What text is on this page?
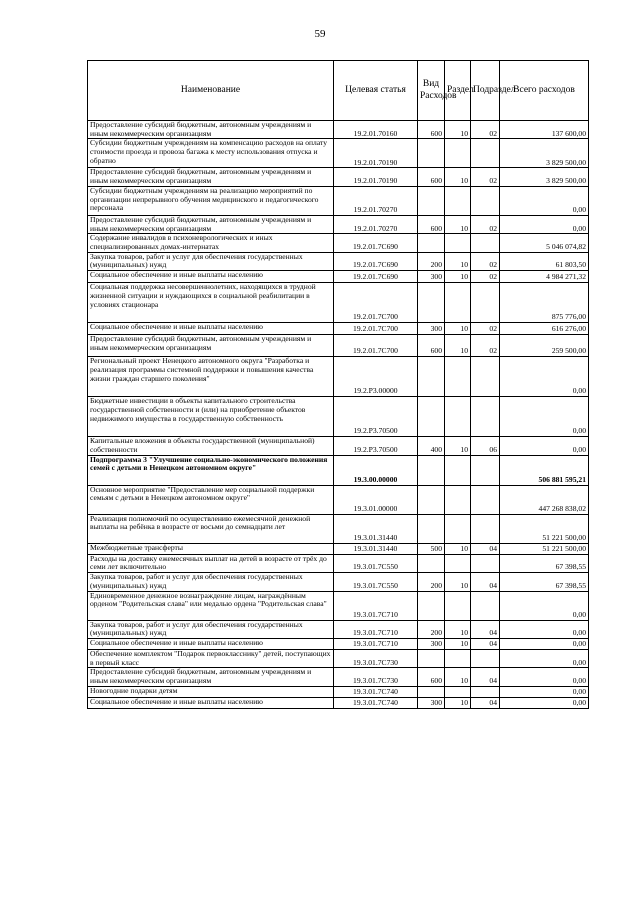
59
Наименование	Целевая статья	Вид Расходов	Раздел	Подраздел	Всего расходов
Предоставление субсидий бюджетным, автономным учреждениям и иным некоммерческим организациям	19.2.01.70160	600	10	02	137 600,00
Субсидии бюджетным учреждениям на компенсацию расходов на оплату стоимости проезда и провоза багажа к месту использования отпуска и обратно	19.2.01.70190				3 829 500,00
Предоставление субсидий бюджетным, автономным учреждениям и иным некоммерческим организациям	19.2.01.70190	600	10	02	3 829 500,00
Субсидии бюджетным учреждениям на реализацию мероприятий по организации непрерывного обучения медицинского и педагогического персонала	19.2.01.70270				0,00
Предоставление субсидий бюджетным, автономным учреждениям и иным некоммерческим организациям	19.2.01.70270	600	10	02	0,00
Содержание инвалидов в психоневрологических и иных специализированных домах-интернатах	19.2.01.7C690				5 046 074,82
Закупка товаров, работ и услуг для обеспечения государственных (муниципальных) нужд	19.2.01.7C690	200	10	02	61 803,50
Социальное обеспечение и иные выплаты населению	19.2.01.7C690	300	10	02	4 984 271,32
Социальная поддержка несовершеннолетних, находящихся в трудной жизненной ситуации и нуждающихся в социальной реабилитации в условиях стационара	19.2.01.7C700				875 776,00
Социальное обеспечение и иные выплаты населению	19.2.01.7C700	300	10	02	616 276,00
Предоставление субсидий бюджетным, автономным учреждениям и иным некоммерческим организациям	19.2.01.7C700	600	10	02	259 500,00
Региональный проект Ненецкого автономного округа "Разработка и реализация программы системной поддержки и повышения качества жизни граждан старшего поколения"	19.2.P3.00000				0,00
Бюджетные инвестиции в объекты капитального строительства государственной собственности и (или) на приобретение объектов недвижимого имущества в государственную собственность	19.2.P3.70500				0,00
Капитальные вложения в объекты государственной (муниципальной) собственности	19.2.P3.70500	400	10	06	0,00
Подпрограмма 3 "Улучшение социально-экономического положения семей с детьми в Ненецком автономном округе"	19.3.00.00000				506 881 595,21
Основное мероприятие "Предоставление мер социальной поддержки семьям с детьми в Ненецком автономном округе"	19.3.01.00000				447 268 838,02
Реализация полномочий по осуществлению ежемесячной денежной выплаты на ребёнка в возрасте от восьми до семнадцати лет	19.3.01.31440				51 221 500,00
Межбюджетные трансферты	19.3.01.31440	500	10	04	51 221 500,00
Расходы на доставку ежемесячных выплат на детей в возрасте от трёх до семи лет включительно	19.3.01.7C550				67 398,55
Закупка товаров, работ и услуг для обеспечения государственных (муниципальных) нужд	19.3.01.7C550	200	10	04	67 398,55
Единовременное денежное вознаграждение лицам, награждённым орденом "Родительская слава" или медалью ордена "Родительская слава"	19.3.01.7C710				0,00
Закупка товаров, работ и услуг для обеспечения государственных (муниципальных) нужд	19.3.01.7C710	200	10	04	0,00
Социальное обеспечение и иные выплаты населению	19.3.01.7C710	300	10	04	0,00
Обеспечение комплектом "Подарок первокласснику" детей, поступающих в первый класс	19.3.01.7C730				0,00
Предоставление субсидий бюджетным, автономным учреждениям и иным некоммерческим организациям	19.3.01.7C730	600	10	04	0,00
Новогодние подарки детям	19.3.01.7C740				0,00
Социальное обеспечение и иные выплаты населению	19.3.01.7C740	300	10	04	0,00
